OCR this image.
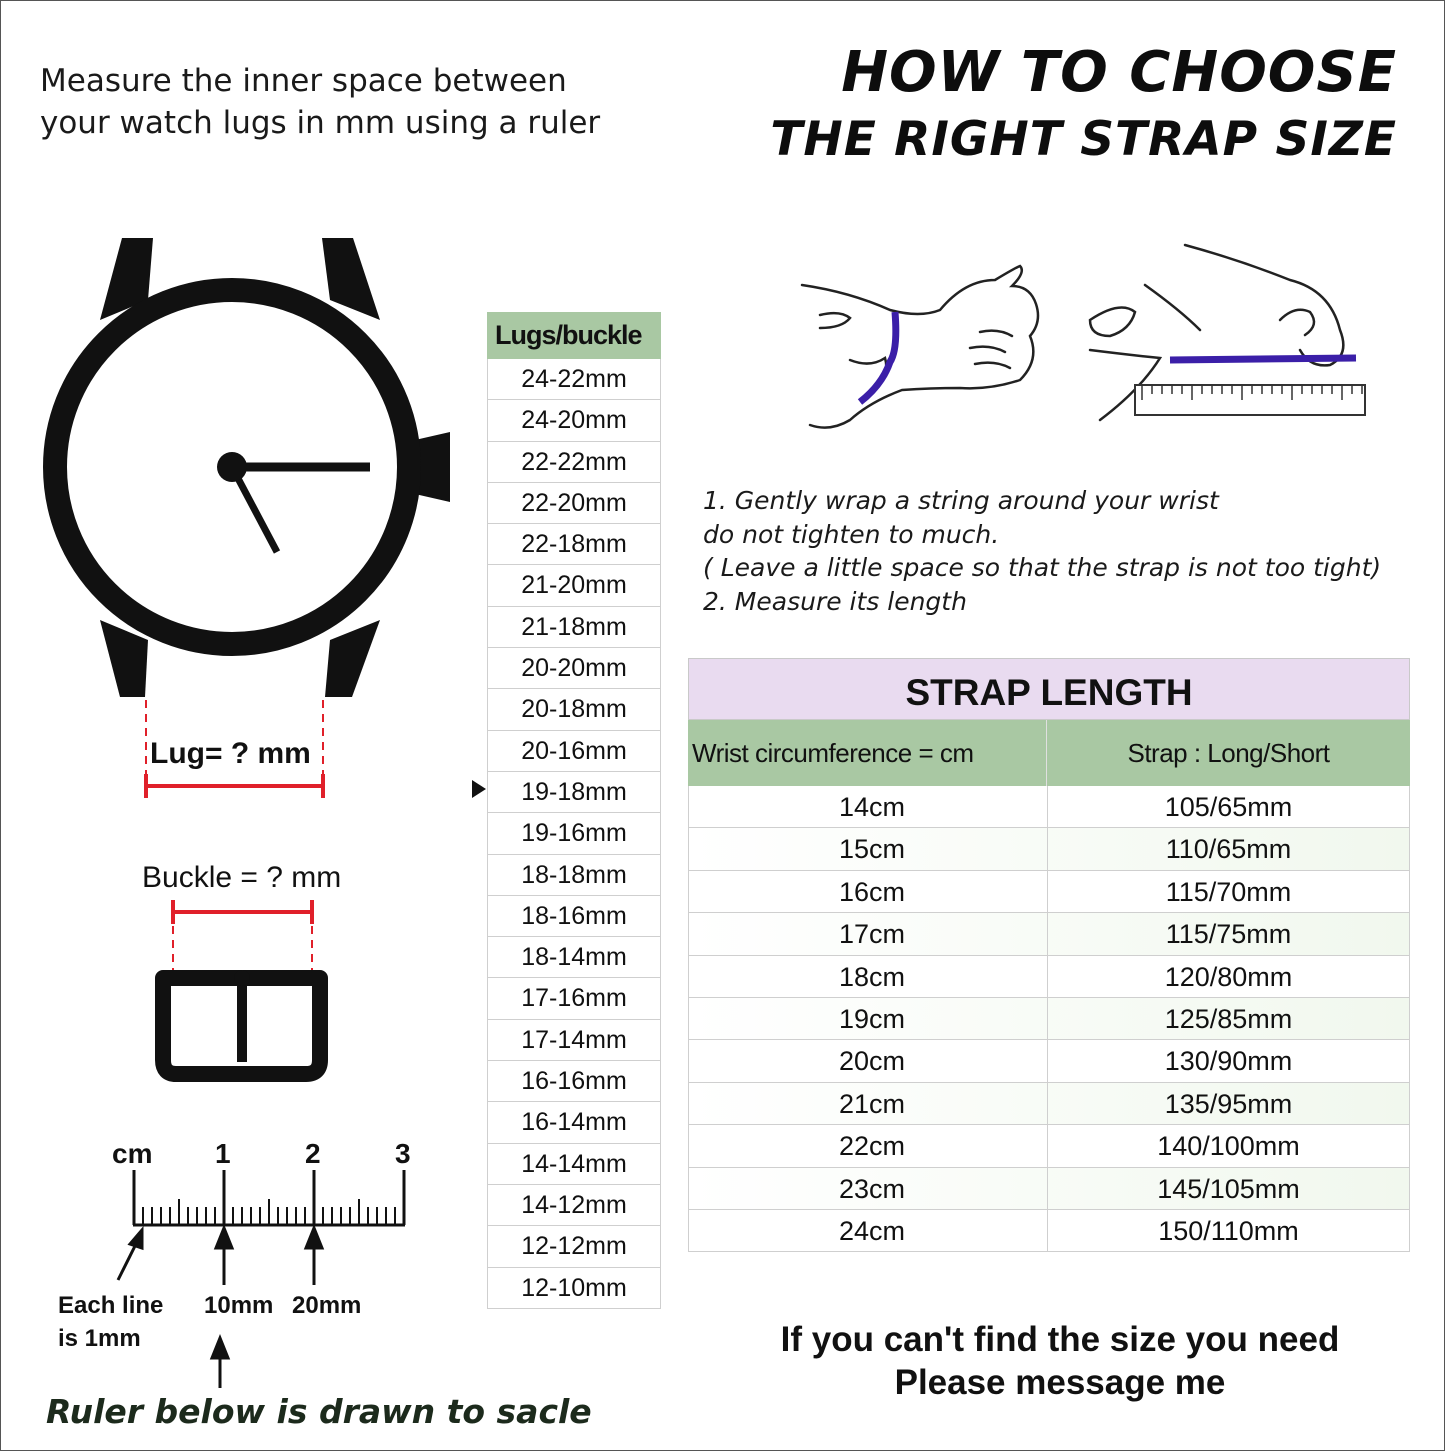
Measure the inner space between
your watch lugs in mm using a ruler
HOW TO CHOOSE
THE RIGHT STRAP SIZE
Lug= ? mm
Buckle = ? mm
cm 1	2	3
Each line
is 1mm
10mm 20mm
Ruler below is drawn to sacle
Lugs/buckle
24-22mm
24-20mm
22-22mm
22-20mm
22-18mm
21-20mm
21-18mm
20-20mm
20-18mm
20-16mm
19-18mm
19-16mm
18-18mm
18-16mm
18-14mm
17-16mm
17-14mm
16-16mm
16-14mm
14-14mm
14-12mm
12-12mm
12-10mm
1. Gently wrap a string around your wrist
do not tighten to much.
( Leave a little space so that the strap is not too tight)
2. Measure its length
STRAP LENGTH
Wrist circumference = cm	Strap : Long/Short
14cm	105/65mm
15cm	110/65mm
16cm	115/70mm
17cm	115/75mm
18cm	120/80mm
19cm	125/85mm
20cm	130/90mm
21cm	135/95mm
22cm	140/100mm
23cm	145/105mm
24cm	150/110mm
If you can't find the size you need
Please message me
